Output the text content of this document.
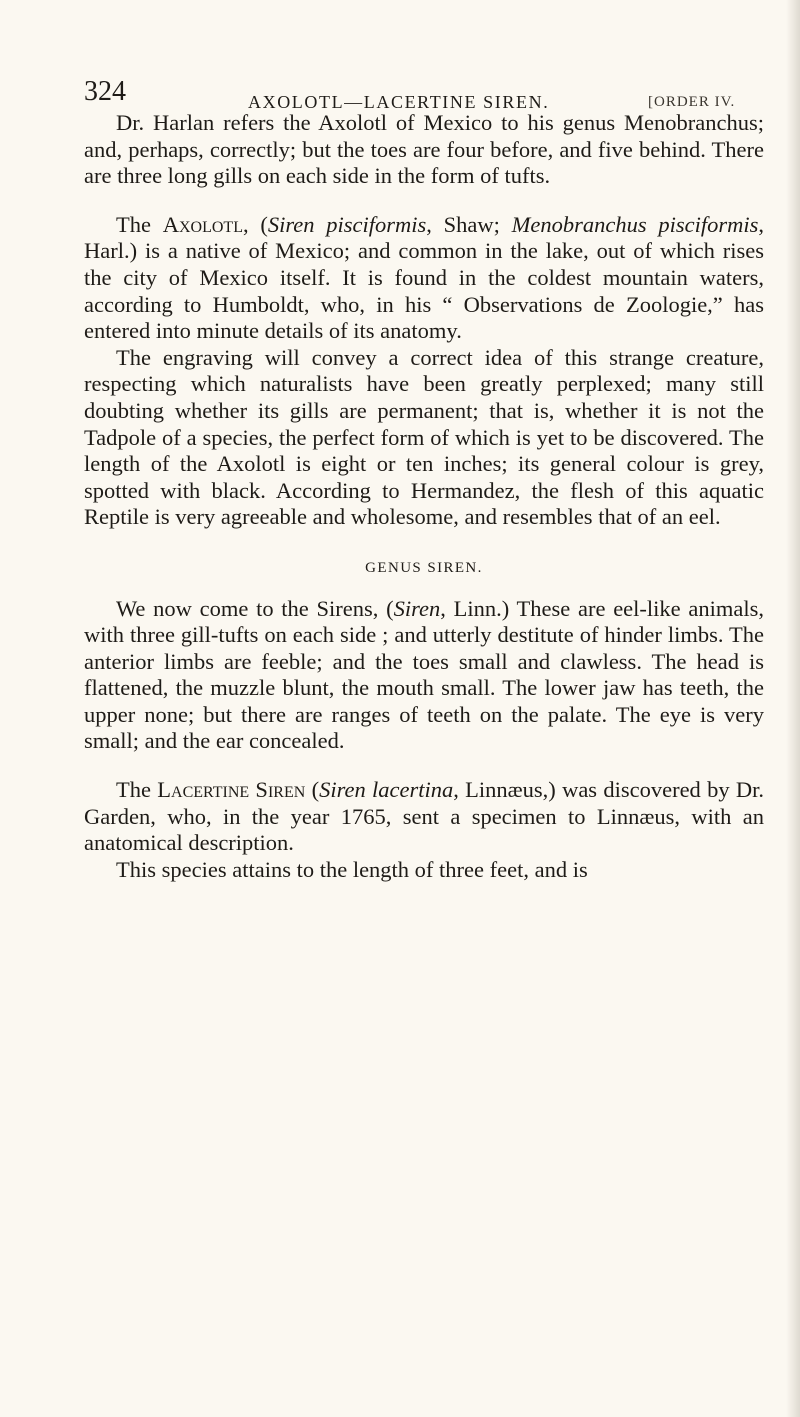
324	AXOLOTL—LACERTINE SIREN.	[ORDER IV.

Dr. Harlan refers the Axolotl of Mexico to his genus Menobranchus; and, perhaps, correctly; but the toes are four before, and five behind. There are three long gills on each side in the form of tufts.

The Axolotl, (Siren pisciformis, Shaw; Menobranchus pisciformis, Harl.) is a native of Mexico; and common in the lake, out of which rises the city of Mexico itself. It is found in the coldest mountain waters, according to Humboldt, who, in his “ Observations de Zoologie,” has entered into minute details of its anatomy.

The engraving will convey a correct idea of this strange creature, respecting which naturalists have been greatly perplexed; many still doubting whether its gills are permanent; that is, whether it is not the Tadpole of a species, the perfect form of which is yet to be discovered. The length of the Axolotl is eight or ten inches; its general colour is grey, spotted with black. According to Hermandez, the flesh of this aquatic Reptile is very agreeable and wholesome, and resembles that of an eel.

GENUS SIREN.

We now come to the Sirens, (Siren, Linn.) These are eel-like animals, with three gill-tufts on each side ; and utterly destitute of hinder limbs. The anterior limbs are feeble; and the toes small and clawless. The head is flattened, the muzzle blunt, the mouth small. The lower jaw has teeth, the upper none; but there are ranges of teeth on the palate. The eye is very small; and the ear concealed.

The Lacertine Siren (Siren lacertina, Linnæus,) was discovered by Dr. Garden, who, in the year 1765, sent a specimen to Linnæus, with an anatomical description.

This species attains to the length of three feet, and is
